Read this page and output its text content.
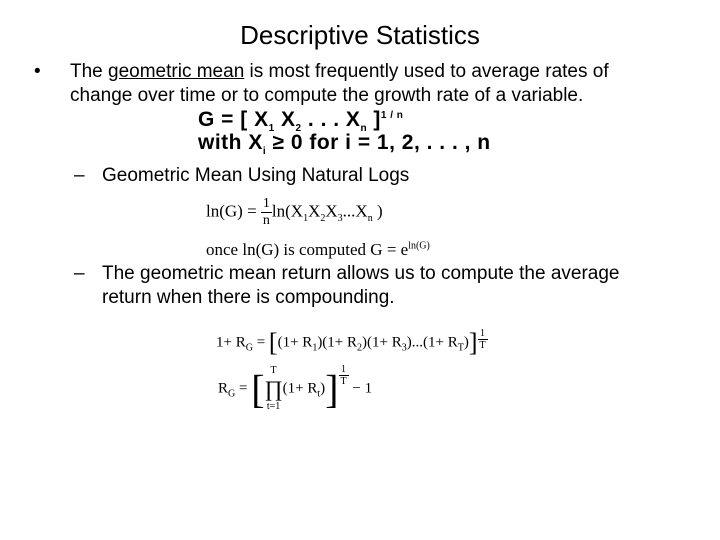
Descriptive Statistics
• The geometric mean is most frequently used to average rates of change over time or to compute the growth rate of a variable.
G = [ $X_1$ $X_2$ . . . $X_n$ ]$^{1 / n}$
with $X_i \ge 0$ for i = 1, 2, . . . , n
– Geometric Mean Using Natural Logs
$\ln(G) = \frac{1}{n} \ln(X_1X_2X_3...X_n$ )
once ln(G) is computed $G = e^{ln(G)}$
– The geometric mean return allows us to compute the average return when there is compounding.
$1+ R_G = [(1+ R_1)(1+ R_2)(1+ R_3)...(1+ R_T)] \frac{1}{T}$
$R_G$ = [ T
∏
t=1
$(1+ R_t)] \frac{1}{T}$
− 1
